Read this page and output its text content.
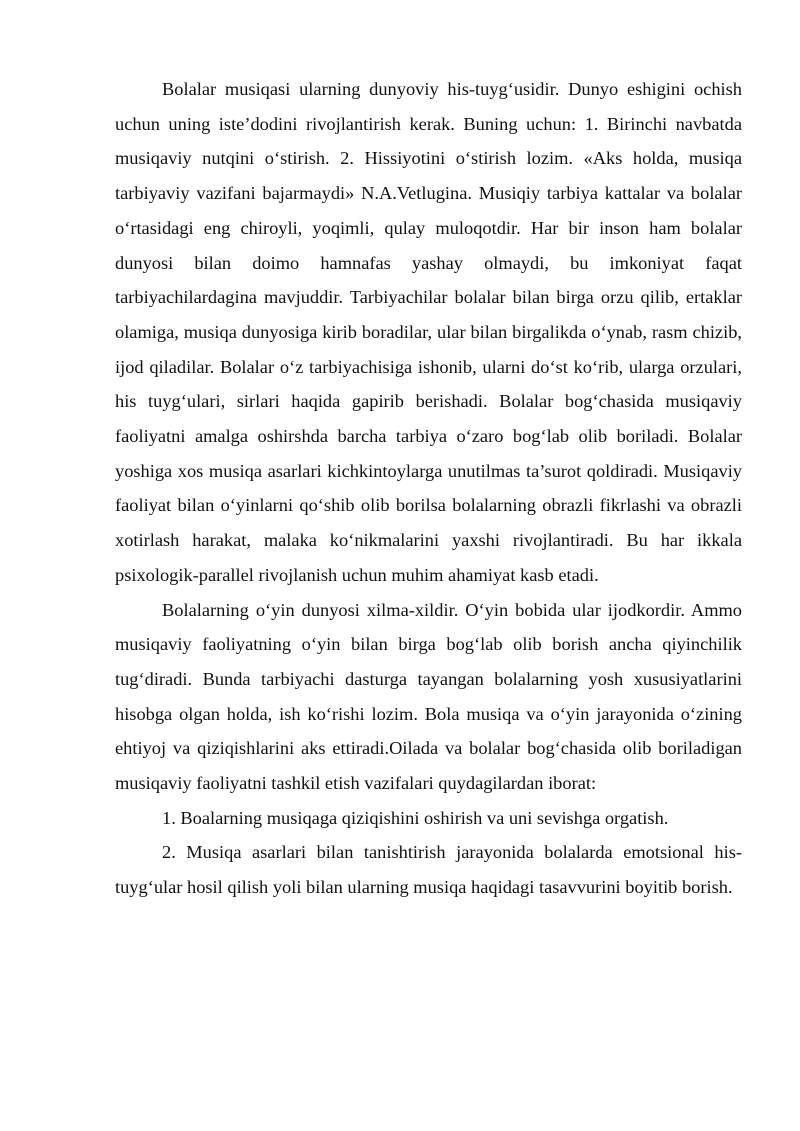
Bolalar musiqasi ularning dunyoviy his-tuyg‘usidir. Dunyo eshigini ochish uchun uning iste’dodini rivojlantirish kerak. Buning uchun: 1. Birinchi navbatda musiqaviy nutqini o‘stirish. 2. Hissiyotini o‘stirish lozim. «Aks holda, musiqa tarbiyaviy vazifani bajarmaydi» N.A.Vetlugina. Musiqiy tarbiya kattalar va bolalar o‘rtasidagi eng chiroyli, yoqimli, qulay muloqotdir. Har bir inson ham bolalar dunyosi bilan doimo hamnafas yashay olmaydi, bu imkoniyat faqat tarbiyachilardagina mavjuddir. Tarbiyachilar bolalar bilan birga orzu qilib, ertaklar olamiga, musiqa dunyosiga kirib boradilar, ular bilan birgalikda o‘ynab, rasm chizib, ijod qiladilar. Bolalar o‘z tarbiyachisiga ishonib, ularni do‘st ko‘rib, ularga orzulari, his tuyg‘ulari, sirlari haqida gapirib berishadi. Bolalar bog‘chasida musiqaviy faoliyatni amalga oshirshda barcha tarbiya o‘zaro bog‘lab olib boriladi. Bolalar yoshiga xos musiqa asarlari kichkintoylarga unutilmas ta’surot qoldiradi. Musiqaviy faoliyat bilan o‘yinlarni qo‘shib olib borilsa bolalarning obrazli fikrlashi va obrazli xotirlash harakat, malaka ko‘nikmalarini yaxshi rivojlantiradi. Bu har ikkala psixologik-parallel rivojlanish uchun muhim ahamiyat kasb etadi.

Bolalarning o‘yin dunyosi xilma-xildir. O‘yin bobida ular ijodkordir. Ammo musiqaviy faoliyatning o‘yin bilan birga bog‘lab olib borish ancha qiyinchilik tug‘diradi. Bunda tarbiyachi dasturga tayangan bolalarning yosh xususiyatlarini hisobga olgan holda, ish ko‘rishi lozim. Bola musiqa va o‘yin jarayonida o‘zining ehtiyoj va qiziqishlarini aks ettiradi.Oilada va bolalar bog‘chasida olib boriladigan musiqaviy faoliyatni tashkil etish vazifalari quydagilardan iborat:

1. Boalarning musiqaga qiziqishini oshirish va uni sevishga orgatish.

2. Musiqa asarlari bilan tanishtirish jarayonida bolalarda emotsional his-tuyg‘ular hosil qilish yoli bilan ularning musiqa haqidagi tasavvurini boyitib borish.
